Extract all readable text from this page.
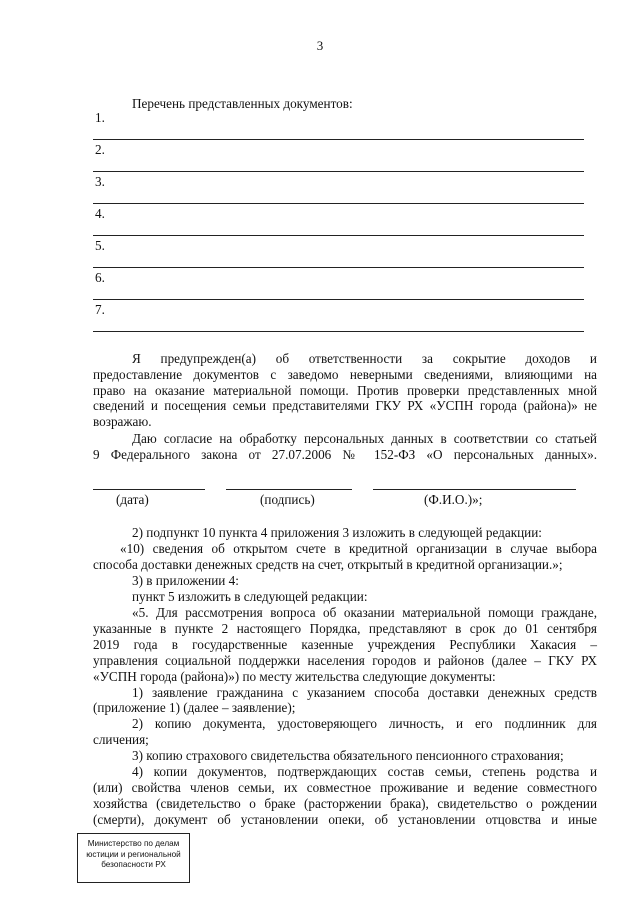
3
Перечень представленных документов:
1.
2.
3.
4.
5.
6.
7.
Я предупрежден(а) об ответственности за сокрытие доходов и
предоставление документов с заведомо неверными сведениями, влияющими на
право на оказание материальной помощи. Против проверки представленных мной
сведений и посещения семьи представителями ГКУ РХ «УСПН города (района)» не
возражаю.
Даю согласие на обработку персональных данных в соответствии со статьей
9 Федерального закона от 27.07.2006 № 152-ФЗ «О персональных данных».
(дата)	(подпись)	(Ф.И.О.)»;
2) подпункт 10 пункта 4 приложения 3 изложить в следующей редакции:
«10) сведения об открытом счете в кредитной организации в случае выбора
способа доставки денежных средств на счет, открытый в кредитной организации.»;
3) в приложении 4:
пункт 5 изложить в следующей редакции:
«5. Для рассмотрения вопроса об оказании материальной помощи граждане,
указанные в пункте 2 настоящего Порядка, представляют в срок до 01 сентября
2019 года в государственные казенные учреждения Республики Хакасия –
управления социальной поддержки населения городов и районов (далее – ГКУ РХ
«УСПН города (района)») по месту жительства следующие документы:
1) заявление гражданина с указанием способа доставки денежных средств
(приложение 1) (далее – заявление);
2) копию документа, удостоверяющего личность, и его подлинник для
сличения;
3) копию страхового свидетельства обязательного пенсионного страхования;
4) копии документов, подтверждающих состав семьи, степень родства и
(или) свойства членов семьи, их совместное проживание и ведение совместного
хозяйства (свидетельство о браке (расторжении брака), свидетельство о рождении
(смерти), документ об установлении опеки, об установлении отцовства и иные
Министерство по делам
юстиции и региональной
безопасности РХ
